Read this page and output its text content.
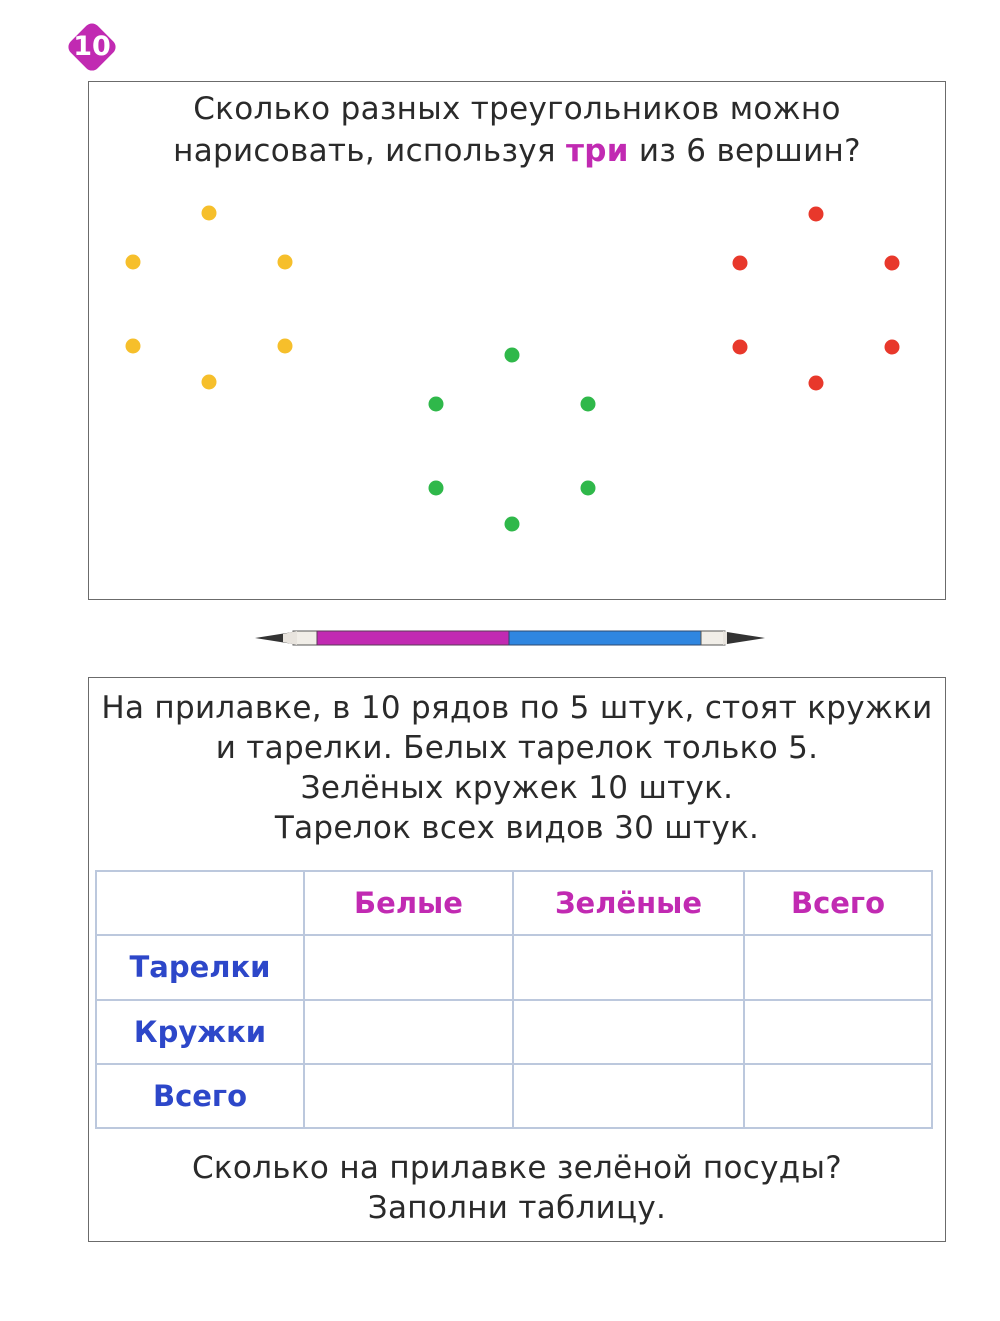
10
Сколько разных треугольников можно
нарисовать, используя три из 6 вершин?
На прилавке, в 10 рядов по 5 штук, стоят кружки
и тарелки. Белых тарелок только 5.
Зелёных кружек 10 штук.
Тарелок всех видов 30 штук.
	Белые	Зелёные	Всего
Тарелки			
Кружки			
Всего			
Сколько на прилавке зелёной посуды?
Заполни таблицу.
